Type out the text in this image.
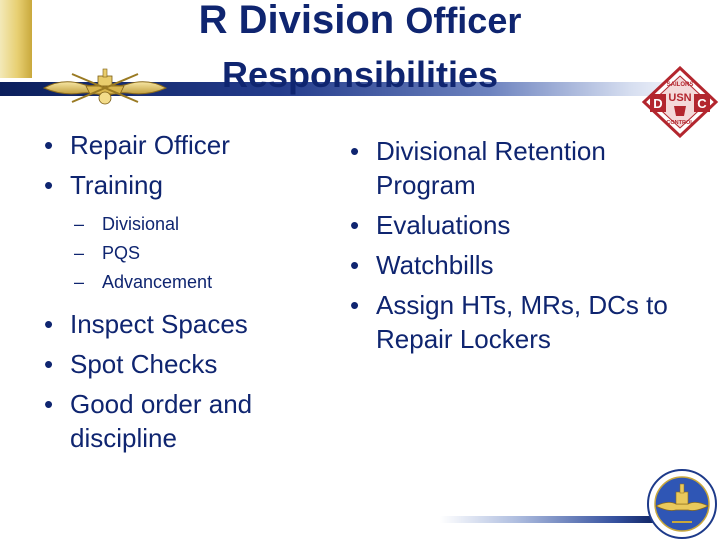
R Division Officer
Responsibilities
D	C
SAILORS
USN
CONTROL

• Repair Officer

• Training

– Divisional

– PQS

– Advancement

• Inspect Spaces

• Spot Checks

• Good order and discipline

• Divisional Retention Program

• Evaluations

• Watchbills

• Assign HTs, MRs, DCs to Repair Lockers
